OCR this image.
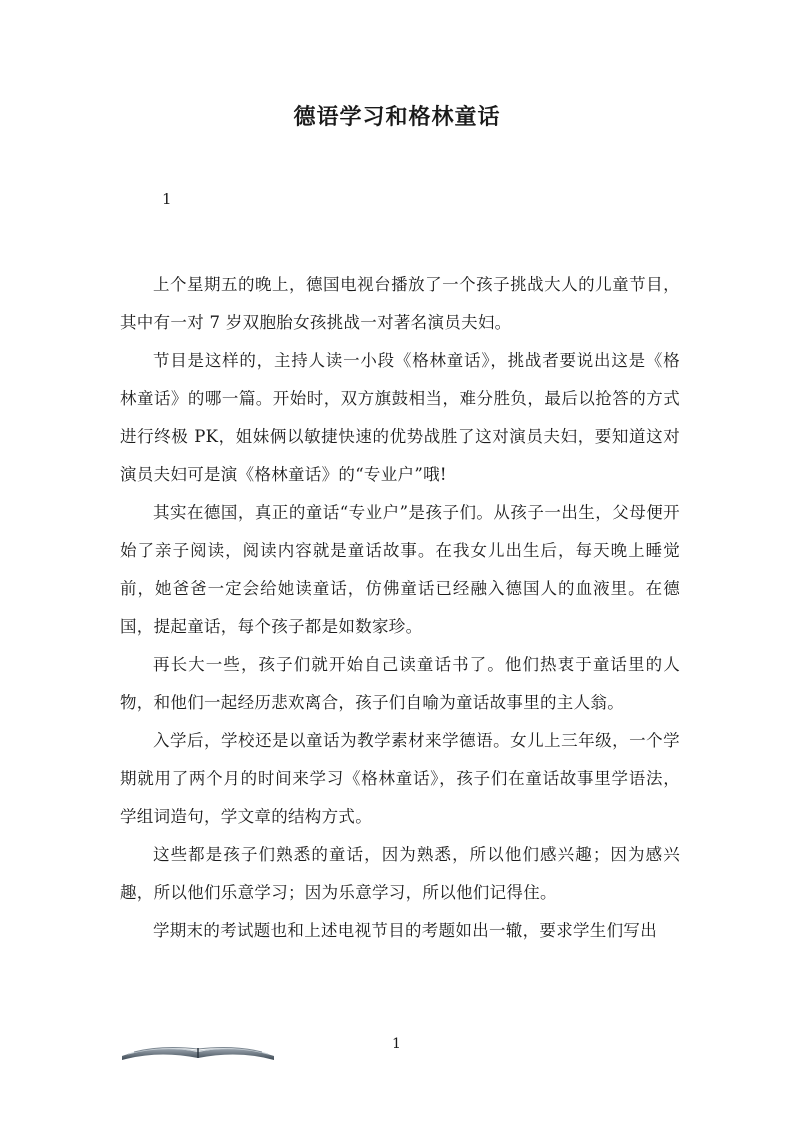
德语学习和格林童话
1

上个星期五的晚上，德国电视台播放了一个孩子挑战大人的儿童节目，其中有一对 7 岁双胞胎女孩挑战一对著名演员夫妇。

节目是这样的，主持人读一小段《格林童话》，挑战者要说出这是《格林童话》的哪一篇。开始时，双方旗鼓相当，难分胜负，最后以抢答的方式进行终极 PK，姐妹俩以敏捷快速的优势战胜了这对演员夫妇，要知道这对演员夫妇可是演《格林童话》的“专业户”哦!

其实在德国，真正的童话“专业户”是孩子们。从孩子一出生，父母便开始了亲子阅读，阅读内容就是童话故事。在我女儿出生后，每天晚上睡觉前，她爸爸一定会给她读童话，仿佛童话已经融入德国人的血液里。在德国，提起童话，每个孩子都是如数家珍。

再长大一些，孩子们就开始自己读童话书了。他们热衷于童话里的人物，和他们一起经历悲欢离合，孩子们自喻为童话故事里的主人翁。

入学后，学校还是以童话为教学素材来学德语。女儿上三年级，一个学期就用了两个月的时间来学习《格林童话》，孩子们在童话故事里学语法，学组词造句，学文章的结构方式。

这些都是孩子们熟悉的童话，因为熟悉，所以他们感兴趣；因为感兴趣，所以他们乐意学习；因为乐意学习，所以他们记得住。

学期末的考试题也和上述电视节目的考题如出一辙，要求学生们写出

1
